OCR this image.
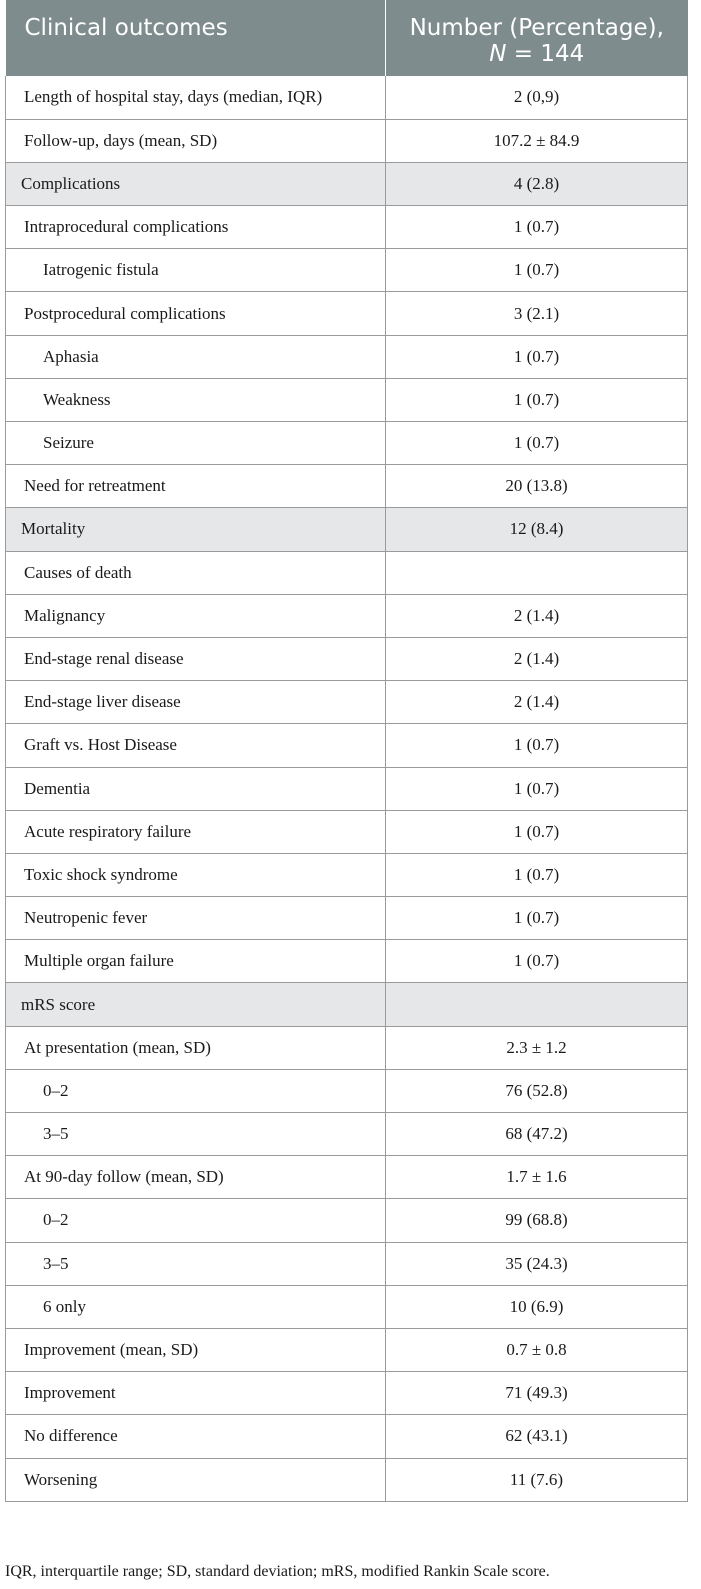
Clinical outcomes	Number (Percentage),
N = 144
Length of hospital stay, days (median, IQR)	2 (0,9)
Follow-up, days (mean, SD)	107.2 ± 84.9
Complications	4 (2.8)
Intraprocedural complications	1 (0.7)
Iatrogenic fistula	1 (0.7)
Postprocedural complications	3 (2.1)
Aphasia	1 (0.7)
Weakness	1 (0.7)
Seizure	1 (0.7)
Need for retreatment	20 (13.8)
Mortality	12 (8.4)
Causes of death	
Malignancy	2 (1.4)
End-stage renal disease	2 (1.4)
End-stage liver disease	2 (1.4)
Graft vs. Host Disease	1 (0.7)
Dementia	1 (0.7)
Acute respiratory failure	1 (0.7)
Toxic shock syndrome	1 (0.7)
Neutropenic fever	1 (0.7)
Multiple organ failure	1 (0.7)
mRS score	
At presentation (mean, SD)	2.3 ± 1.2
0–2	76 (52.8)
3–5	68 (47.2)
At 90-day follow (mean, SD)	1.7 ± 1.6
0–2	99 (68.8)
3–5	35 (24.3)
6 only	10 (6.9)
Improvement (mean, SD)	0.7 ± 0.8
Improvement	71 (49.3)
No difference	62 (43.1)
Worsening	11 (7.6)
IQR, interquartile range; SD, standard deviation; mRS, modified Rankin Scale score.
